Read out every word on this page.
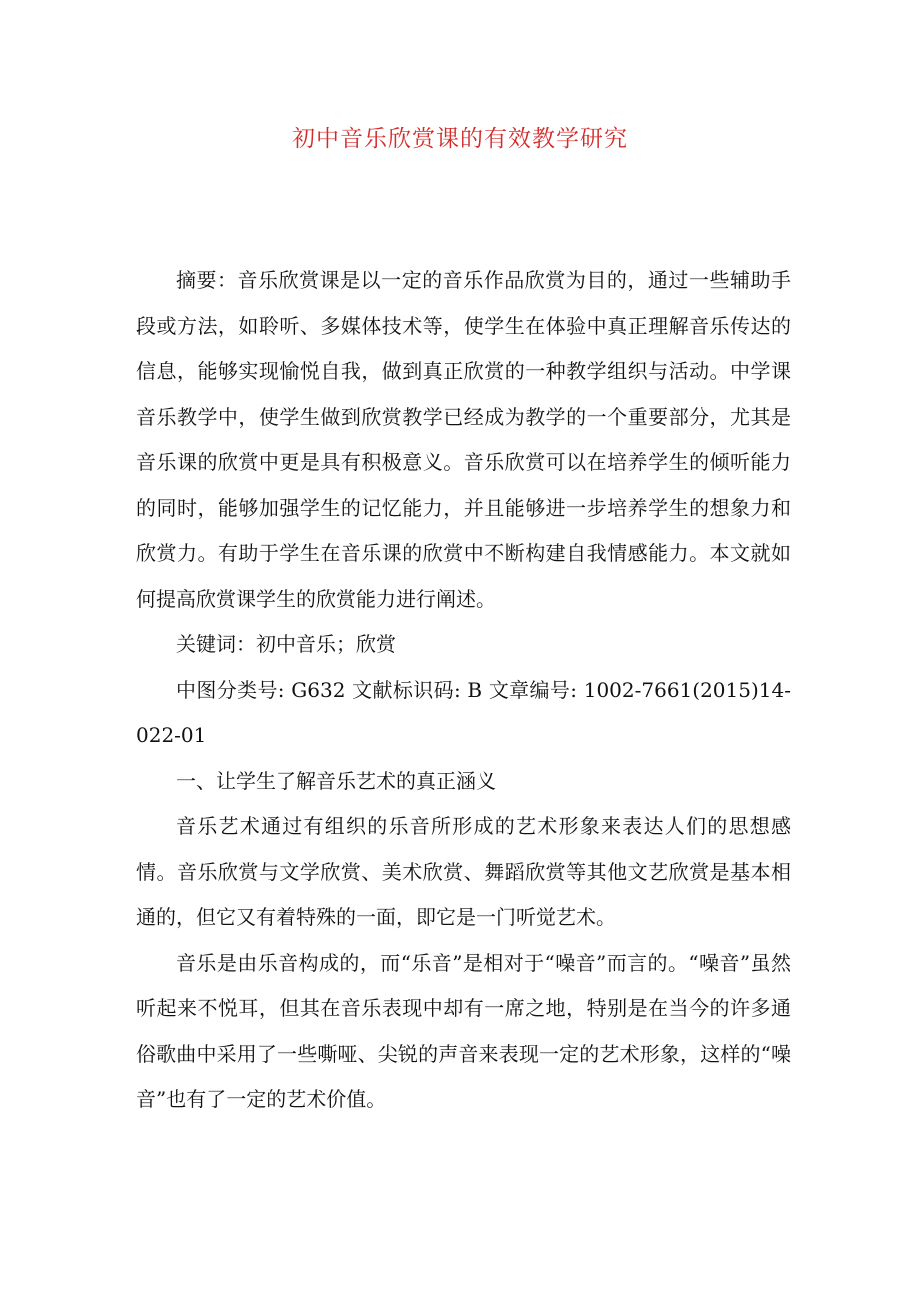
初中音乐欣赏课的有效教学研究

摘要：音乐欣赏课是以一定的音乐作品欣赏为目的，通过一些辅助手段或方法，如聆听、多媒体技术等，使学生在体验中真正理解音乐传达的信息，能够实现愉悦自我，做到真正欣赏的一种教学组织与活动。中学课音乐教学中，使学生做到欣赏教学已经成为教学的一个重要部分，尤其是音乐课的欣赏中更是具有积极意义。音乐欣赏可以在培养学生的倾听能力的同时，能够加强学生的记忆能力，并且能够进一步培养学生的想象力和欣赏力。有助于学生在音乐课的欣赏中不断构建自我情感能力。本文就如何提高欣赏课学生的欣赏能力进行阐述。

关键词：初中音乐；欣赏

中图分类号: G632 文献标识码: B 文章编号: 1002-7661(2015)14-022-01

一、让学生了解音乐艺术的真正涵义

音乐艺术通过有组织的乐音所形成的艺术形象来表达人们的思想感情。音乐欣赏与文学欣赏、美术欣赏、舞蹈欣赏等其他文艺欣赏是基本相通的，但它又有着特殊的一面，即它是一门听觉艺术。

音乐是由乐音构成的，而“乐音”是相对于“噪音”而言的。“噪音”虽然听起来不悦耳，但其在音乐表现中却有一席之地，特别是在当今的许多通俗歌曲中采用了一些嘶哑、尖锐的声音来表现一定的艺术形象，这样的“噪音”也有了一定的艺术价值。
